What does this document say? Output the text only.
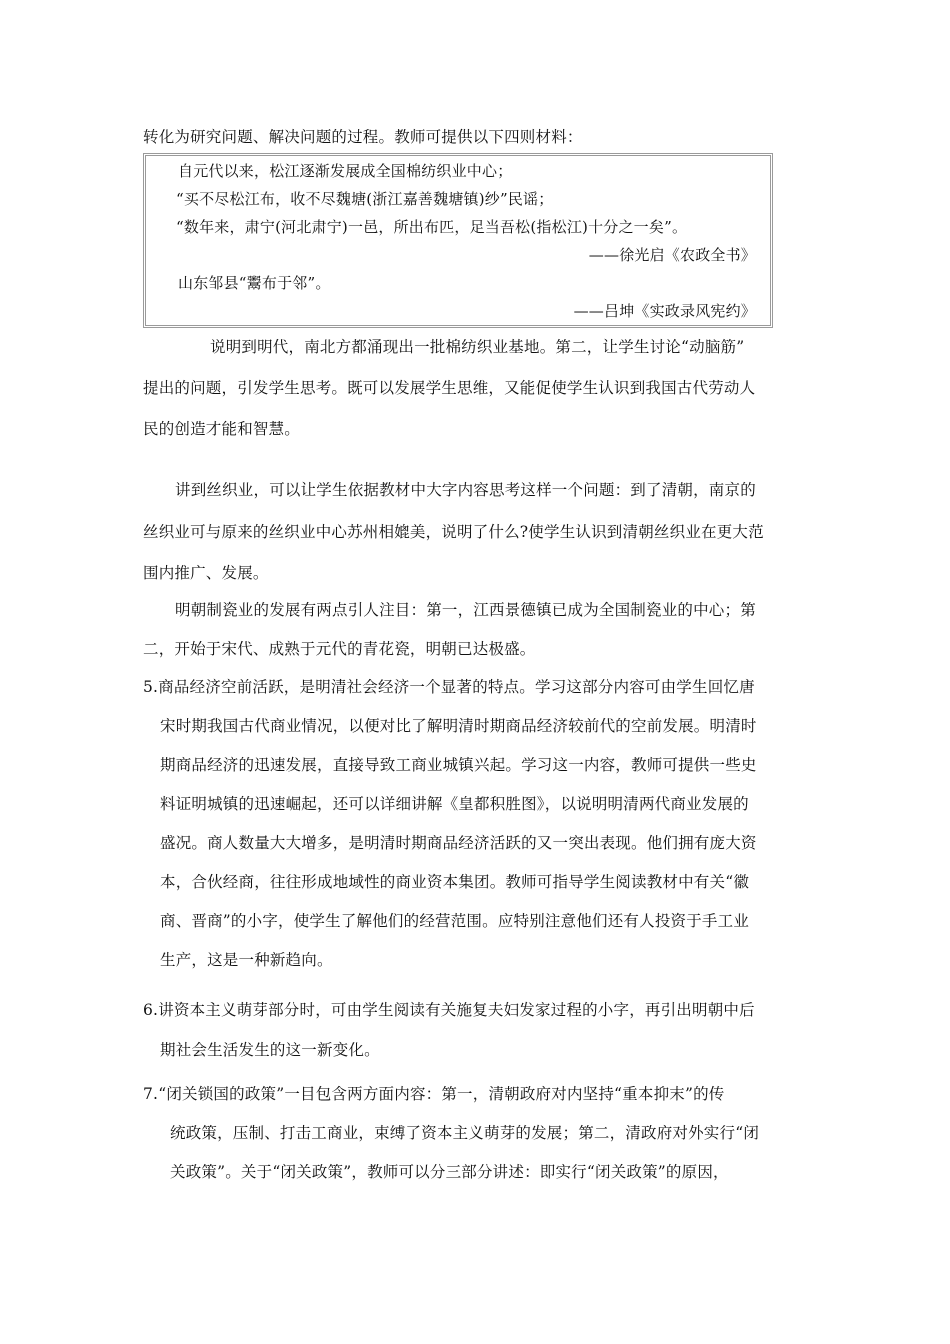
转化为研究问题、解决问题的过程。教师可提供以下四则材料：
自元代以来，松江逐渐发展成全国棉纺织业中心；
“买不尽松江布，收不尽魏塘(浙江嘉善魏塘镇)纱”民谣；
“数年来，肃宁(河北肃宁)一邑，所出布匹，足当吾松(指松江)十分之一矣”。
——徐光启《农政全书》
山东邹县“鬻布于邻”。
——吕坤《实政录风宪约》
说明到明代，南北方都涌现出一批棉纺织业基地。第二，让学生讨论“动脑筋”
提出的问题，引发学生思考。既可以发展学生思维，又能促使学生认识到我国古代劳动人
民的创造才能和智慧。
讲到丝织业，可以让学生依据教材中大字内容思考这样一个问题：到了清朝，南京的
丝织业可与原来的丝织业中心苏州相媲美，说明了什么?使学生认识到清朝丝织业在更大范
围内推广、发展。
明朝制瓷业的发展有两点引人注目：第一，江西景德镇已成为全国制瓷业的中心；第
二，开始于宋代、成熟于元代的青花瓷，明朝已达极盛。
5.商品经济空前活跃，是明清社会经济一个显著的特点。学习这部分内容可由学生回忆唐
宋时期我国古代商业情况，以便对比了解明清时期商品经济较前代的空前发展。明清时
期商品经济的迅速发展，直接导致工商业城镇兴起。学习这一内容，教师可提供一些史
料证明城镇的迅速崛起，还可以详细讲解《皇都积胜图》，以说明明清两代商业发展的
盛况。商人数量大大增多，是明清时期商品经济活跃的又一突出表现。他们拥有庞大资
本，合伙经商，往往形成地域性的商业资本集团。教师可指导学生阅读教材中有关“徽
商、晋商”的小字，使学生了解他们的经营范围。应特别注意他们还有人投资于手工业
生产，这是一种新趋向。
6.讲资本主义萌芽部分时，可由学生阅读有关施复夫妇发家过程的小字，再引出明朝中后
期社会生活发生的这一新变化。
7.“闭关锁国的政策”一目包含两方面内容：第一，清朝政府对内坚持“重本抑末”的传
统政策，压制、打击工商业，束缚了资本主义萌芽的发展；第二，清政府对外实行“闭
关政策”。关于“闭关政策”，教师可以分三部分讲述：即实行“闭关政策”的原因，
